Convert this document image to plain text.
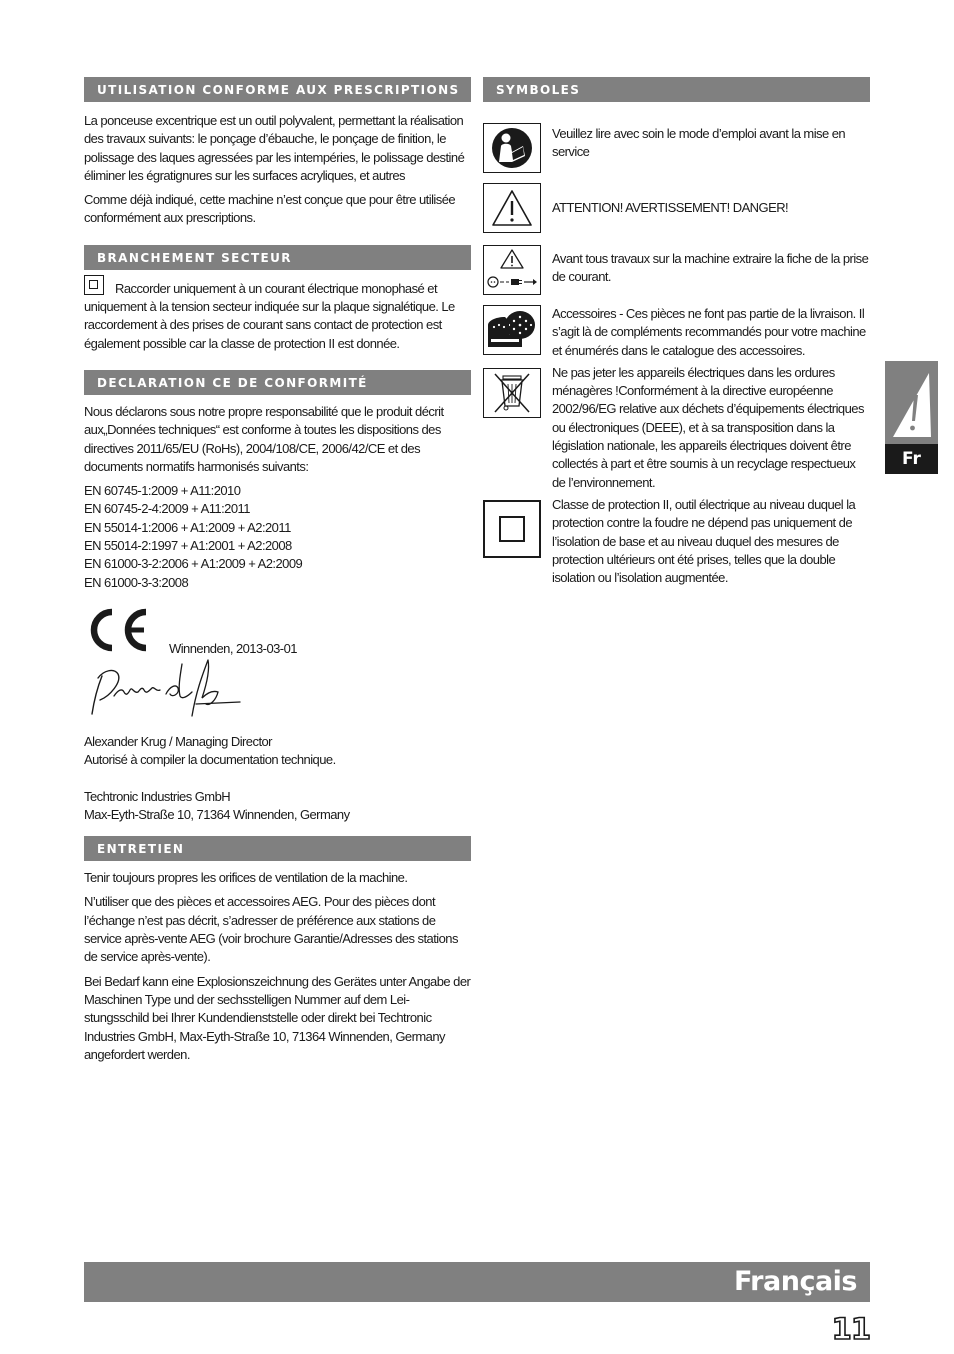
UTILISATION CONFORME AUX PRESCRIPTIONS

La ponceuse excentrique est un outil polyvalent, permettant la réalisation des travaux suivants: le ponçage d’ébauche, le ponçage de finition, le polissage des laques agressées par les intempéries, le polissage destiné éliminer les égratignures sur les surfaces acryliques, et autres

Comme déjà indiqué, cette machine n’est conçue que pour être utilisée conformément aux prescriptions.

BRANCHEMENT SECTEUR

Raccorder uniquement à un courant électrique monophasé et uniquement à la tension secteur indiquée sur la plaque signalétique. Le raccordement à des prises de courant sans contact de protection est également possible car la classe de protection II est donnée.

DECLARATION CE DE CONFORMITÉ

Nous déclarons sous notre propre responsabilité que le produit décrit aux„Données techniques“ est conforme à toutes les dispositions des directives 2011/65/EU (RoHs), 2004/108/CE, 2006/42/CE et des documents normatifs harmonisés suivants:

EN 60745-1:2009 + A11:2010

EN 60745-2-4:2009 + A11:2011

EN 55014-1:2006 + A1:2009 + A2:2011

EN 55014-2:1997 + A1:2001 + A2:2008

EN 61000-3-2:2006 + A1:2009 + A2:2009

EN 61000-3-3:2008

Winnenden, 2013-03-01

Alexander Krug / Managing Director

Autorisé à compiler la documentation technique.

Techtronic Industries GmbH

Max-Eyth-Straße 10, 71364 Winnenden, Germany

ENTRETIEN

Tenir toujours propres les orifices de ventilation de la machine.

N’utiliser que des pièces et accessoires AEG. Pour des pièces dont l’échange n’est pas décrit, s’adresser de préférence aux stations de service après-vente AEG (voir brochure Garantie/Adresses des stations de service après-vente).

Bei Bedarf kann eine Explosionszeichnung des Gerätes unter Angabe der Maschinen Type und der sechsstelligen Nummer auf dem Lei-
stungsschild bei Ihrer Kundendienststelle oder direkt bei Techtronic Industries GmbH, Max-Eyth-Straße 10, 71364 Winnenden, Germany angefordert werden.

SYMBOLES

Veuillez lire avec soin le mode d’emploi avant la mise en service

ATTENTION! AVERTISSEMENT! DANGER!

Avant tous travaux sur la machine extraire la fiche de la prise de courant.

Accessoires - Ces pièces ne font pas partie de la livraison. Il s’agit là de compléments recommandés pour votre machine et énumérés dans le catalogue des accessoires.

Ne pas jeter les appareils électriques dans les ordures ménagères !Conformément à la directive européenne 2002/96/EG relative aux déchets d’équipements électriques ou électroniques (DEEE), et à sa transposition dans la législation nationale, les appareils électriques doivent être collectés à part et être soumis à un recyclage respectueux de l’environnement.

Classe de protection II, outil électrique au niveau duquel la protection contre la foudre ne dépend pas uniquement de l’isolation de base et au niveau duquel des mesures de protection ultérieurs ont été prises, telles que la double isolation ou l’isolation augmentée.

Fr
Français
11
